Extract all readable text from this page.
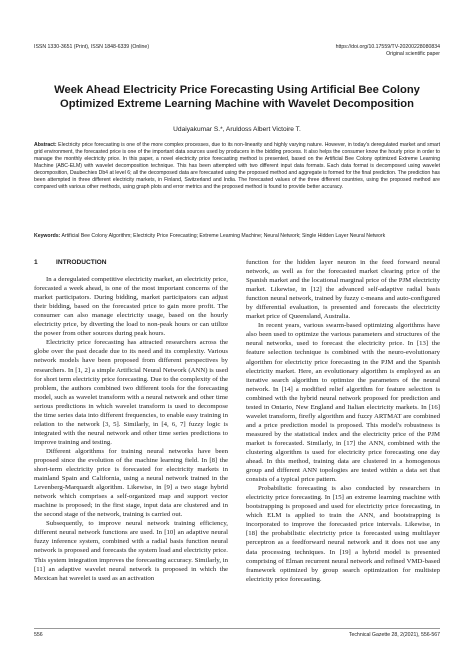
ISSN 1330-3651 (Print), ISSN 1848-6339 (Online)	https://doi.org/10.17559/TV-20200228080834
Original scientific paper
Week Ahead Electricity Price Forecasting Using Artificial Bee Colony Optimized Extreme Learning Machine with Wavelet Decomposition
Udaiyakumar S.*, Aruldoss Albert Victoire T.
Abstract: Electricity price forecasting is one of the more complex processes, due to its non-linearity and highly varying nature. However, in today's deregulated market and smart grid environment, the forecasted price is one of the important data sources used by producers in the bidding process. It also helps the consumer know the hourly price in order to manage the monthly electricity price. In this paper, a novel electricity price forecasting method is presented, based on the Artificial Bee Colony optimized Extreme Learning Machine (ABC-ELM) with wavelet decomposition technique. This has been attempted with two different input data formats. Each data format is decomposed using wavelet decomposition, Daubechies Db4 at level 6; all the decomposed data are forecasted using the proposed method and aggregate is formed for the final prediction. The prediction has been attempted in three different electricity markets, in Finland, Switzerland and India. The forecasted values of the three different countries, using the proposed method are compared with various other methods, using graph plots and error metrics and the proposed method is found to provide better accuracy.
Keywords: Artificial Bee Colony Algorithm; Electricity Price Forecasting; Extreme Learning Machine; Neural Network; Single Hidden Layer Neural Network

1	INTRODUCTION

In a deregulated competitive electricity market, an electricity price, forecasted a week ahead, is one of the most important concerns of the market participators. During bidding, market participators can adjust their bidding, based on the forecasted price to gain more profit. The consumer can also manage electricity usage, based on the hourly electricity price, by diverting the load to non-peak hours or can utilize the power from other sources during peak hours.

Electricity price forecasting has attracted researchers across the globe over the past decade due to its need and its complexity. Various network models have been proposed from different perspectives by researchers. In [1, 2] a simple Artificial Neural Network (ANN) is used for short term electricity price forecasting. Due to the complexity of the problem, the authors combined two different tools for the forecasting model, such as wavelet transform with a neural network and other time serious predictions in which wavelet transform is used to decompose the time series data into different frequencies, to enable easy training in relation to the network [3, 5]. Similarly, in [4, 6, 7] fuzzy logic is integrated with the neural network and other time series predictions to improve training and testing.

Different algorithms for training neural networks have been proposed since the evolution of the machine learning field. In [8] the short-term electricity price is forecasted for electricity markets in mainland Spain and California, using a neural network trained in the Levenberg-Marquardt algorithm. Likewise, in [9] a two stage hybrid network which comprises a self-organized map and support vector machine is proposed; in the first stage, input data are clustered and in the second stage of the network, training is carried out.

Subsequently, to improve neural network training efficiency, different neural network functions are used. In [10] an adaptive neural fuzzy inference system, combined with a radial basis function neural network is proposed and forecasts the system load and electricity price. This system integration improves the forecasting accuracy. Similarly, in [11] an adaptive wavelet neural network is proposed in which the Mexican hat wavelet is used as an activation

function for the hidden layer neuron in the feed forward neural network, as well as for the forecasted market clearing price of the Spanish market and the locational marginal price of the PJM electricity market. Likewise, in [12] the advanced self-adaptive radial basis function neural network, trained by fuzzy c-means and auto-configured by differential evaluation, is presented and forecasts the electricity market price of Queensland, Australia.

In recent years, various swarm-based optimizing algorithms have also been used to optimize the various parameters and structures of the neural networks, used to forecast the electricity price. In [13] the feature selection technique is combined with the neuro-evolutionary algorithm for electricity price forecasting in the PJM and the Spanish electricity market. Here, an evolutionary algorithm is employed as an iterative search algorithm to optimize the parameters of the neural network. In [14] a modified relief algorithm for feature selection is combined with the hybrid neural network proposed for prediction and tested in Ontario, New England and Italian electricity markets. In [16] wavelet transform, firefly algorithm and fuzzy ARTMAT are combined and a price prediction model is proposed. This model's robustness is measured by the statistical index and the electricity price of the PJM market is forecasted. Similarly, in [17] the ANN, combined with the clustering algorithm is used for electricity price forecasting one day ahead. In this method, training data are clustered in a homogenous group and different ANN topologies are tested within a data set that consists of a typical price pattern.

Probabilistic forecasting is also conducted by researchers in electricity price forecasting. In [15] an extreme learning machine with bootstrapping is proposed and used for electricity price forecasting, in which ELM is applied to train the ANN, and bootstrapping is incorporated to improve the forecasted price intervals. Likewise, in [18] the probabilistic electricity price is forecasted using multilayer perceptron as a feedforward neural network and it does not use any data processing techniques. In [19] a hybrid model is presented comprising of Elman recurrent neural network and refined VMD-based framework optimized by group search optimization for multistep electricity price forecasting.

556	Technical Gazette 28, 2(2021), 556-567
